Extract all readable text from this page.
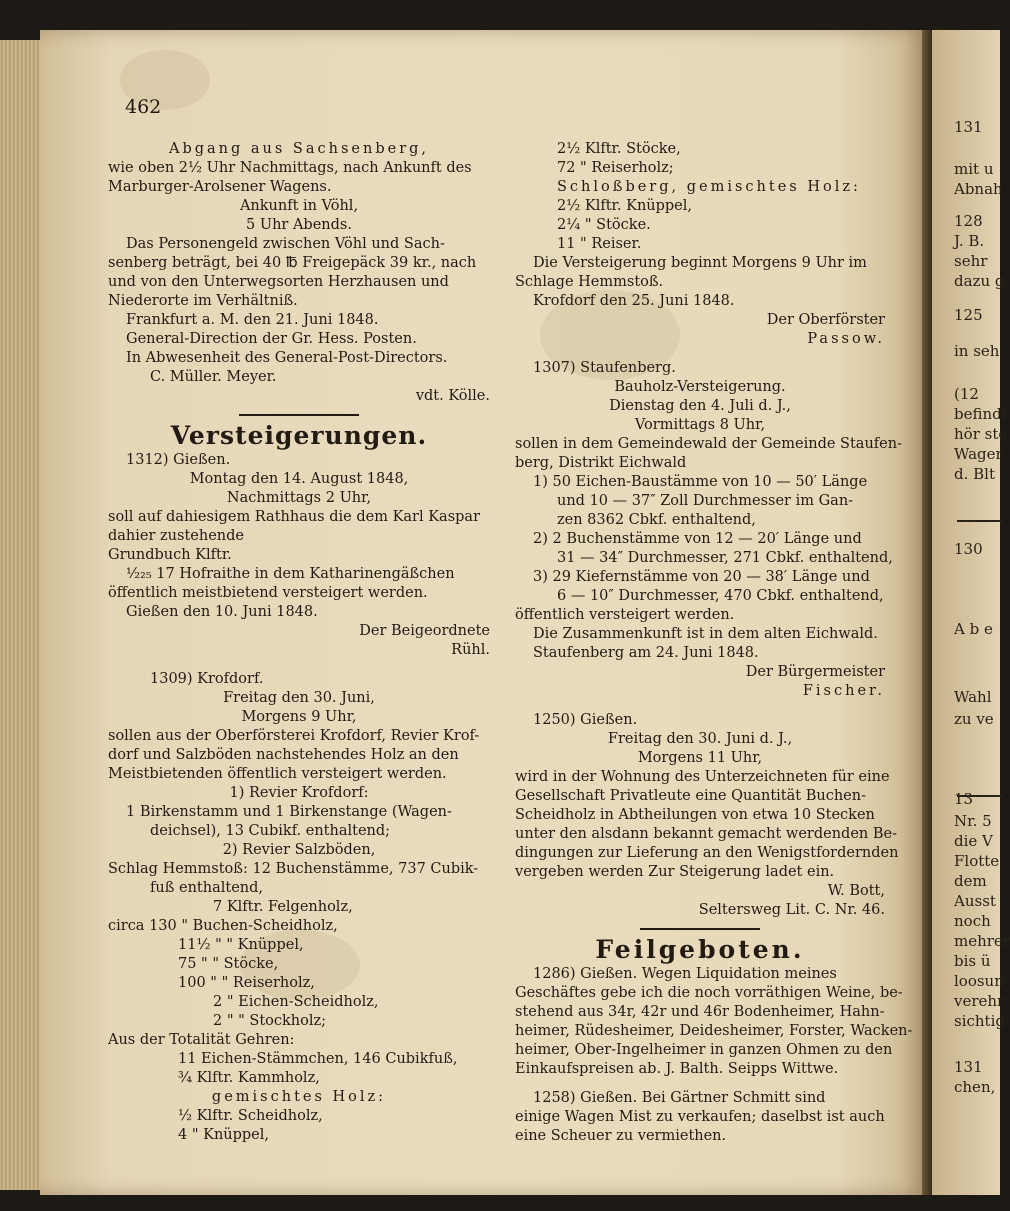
131
mit u
Abnah
128
J. B.
sehr
dazu g
125
in seh
(12
befindl
hör ste
Wagen
d. Blt
130
A b e
Wahl
zu ve
13
Nr. 5
die V
Flotte
dem
Ausst
noch
mehrer
bis ü
loosun
verehr
sichtig
131
chen,
462
Abgang aus Sachsenberg,
wie oben 2½ Uhr Nachmittags, nach Ankunft des
Marburger-Arolsener Wagens.
Ankunft in Vöhl,
5 Uhr Abends.
Das Personengeld zwischen Vöhl und Sach-
senberg beträgt, bei 40 ℔ Freigepäck 39 kr., nach
und von den Unterwegsorten Herzhausen und
Niederorte im Verhältniß.
Frankfurt a. M. den 21. Juni 1848.
General-Direction der Gr. Hess. Posten.
In Abwesenheit des General-Post-Directors.
C. Müller. Meyer.
vdt. Kölle.
Versteigerungen.
1312) Gießen.
Montag den 14. August 1848,
Nachmittags 2 Uhr,
soll auf dahiesigem Rathhaus die dem Karl Kaspar
dahier zustehende
Grundbuch Klftr.
¹⁄₂₂₅ 17 Hofraithe in dem Katharinengäßchen
öffentlich meistbietend versteigert werden.
Gießen den 10. Juni 1848.
Der Beigeordnete
Rühl.
1309) Krofdorf.
Freitag den 30. Juni,
Morgens 9 Uhr,
sollen aus der Oberförsterei Krofdorf, Revier Krof-
dorf und Salzböden nachstehendes Holz an den
Meistbietenden öffentlich versteigert werden.
1) Revier Krofdorf:
1 Birkenstamm und 1 Birkenstange (Wagen-
deichsel), 13 Cubikf. enthaltend;
2) Revier Salzböden,
Schlag Hemmstoß: 12 Buchenstämme, 737 Cubik-
fuß enthaltend,
7 Klftr. Felgenholz,
circa 130 " Buchen-Scheidholz,
11½ " " Knüppel,
75 " " Stöcke,
100 " " Reiserholz,
2 " Eichen-Scheidholz,
2 " " Stockholz;
Aus der Totalität Gehren:
11 Eichen-Stämmchen, 146 Cubikfuß,
¾ Klftr. Kammholz,
gemischtes Holz:
½ Klftr. Scheidholz,
4 " Knüppel,
2½ Klftr. Stöcke,
72 " Reiserholz;
Schloßberg, gemischtes Holz:
2½ Klftr. Knüppel,
2¼ " Stöcke.
11 " Reiser.
Die Versteigerung beginnt Morgens 9 Uhr im
Schlage Hemmstoß.
Krofdorf den 25. Juni 1848.
Der Oberförster
Passow.
1307) Staufenberg.
Bauholz-Versteigerung.
Dienstag den 4. Juli d. J.,
Vormittags 8 Uhr,
sollen in dem Gemeindewald der Gemeinde Staufen-
berg, Distrikt Eichwald
1) 50 Eichen-Baustämme von 10 — 50′ Länge
und 10 — 37″ Zoll Durchmesser im Gan-
zen 8362 Cbkf. enthaltend,
2) 2 Buchenstämme von 12 — 20′ Länge und
31 — 34″ Durchmesser, 271 Cbkf. enthaltend,
3) 29 Kiefernstämme von 20 — 38′ Länge und
6 — 10″ Durchmesser, 470 Cbkf. enthaltend,
öffentlich versteigert werden.
Die Zusammenkunft ist in dem alten Eichwald.
Staufenberg am 24. Juni 1848.
Der Bürgermeister
Fischer.
1250) Gießen.
Freitag den 30. Juni d. J.,
Morgens 11 Uhr,
wird in der Wohnung des Unterzeichneten für eine
Gesellschaft Privatleute eine Quantität Buchen-
Scheidholz in Abtheilungen von etwa 10 Stecken
unter den alsdann bekannt gemacht werdenden Be-
dingungen zur Lieferung an den Wenigstfordernden
vergeben werden Zur Steigerung ladet ein.
W. Bott,
Seltersweg Lit. C. Nr. 46.
Feilgeboten.
1286) Gießen. Wegen Liquidation meines
Geschäftes gebe ich die noch vorräthigen Weine, be-
stehend aus 34r, 42r und 46r Bodenheimer, Hahn-
heimer, Rüdesheimer, Deidesheimer, Forster, Wacken-
heimer, Ober-Ingelheimer in ganzen Ohmen zu den
Einkaufspreisen ab. J. Balth. Seipps Wittwe.
1258) Gießen. Bei Gärtner Schmitt sind
einige Wagen Mist zu verkaufen; daselbst ist auch
eine Scheuer zu vermiethen.
